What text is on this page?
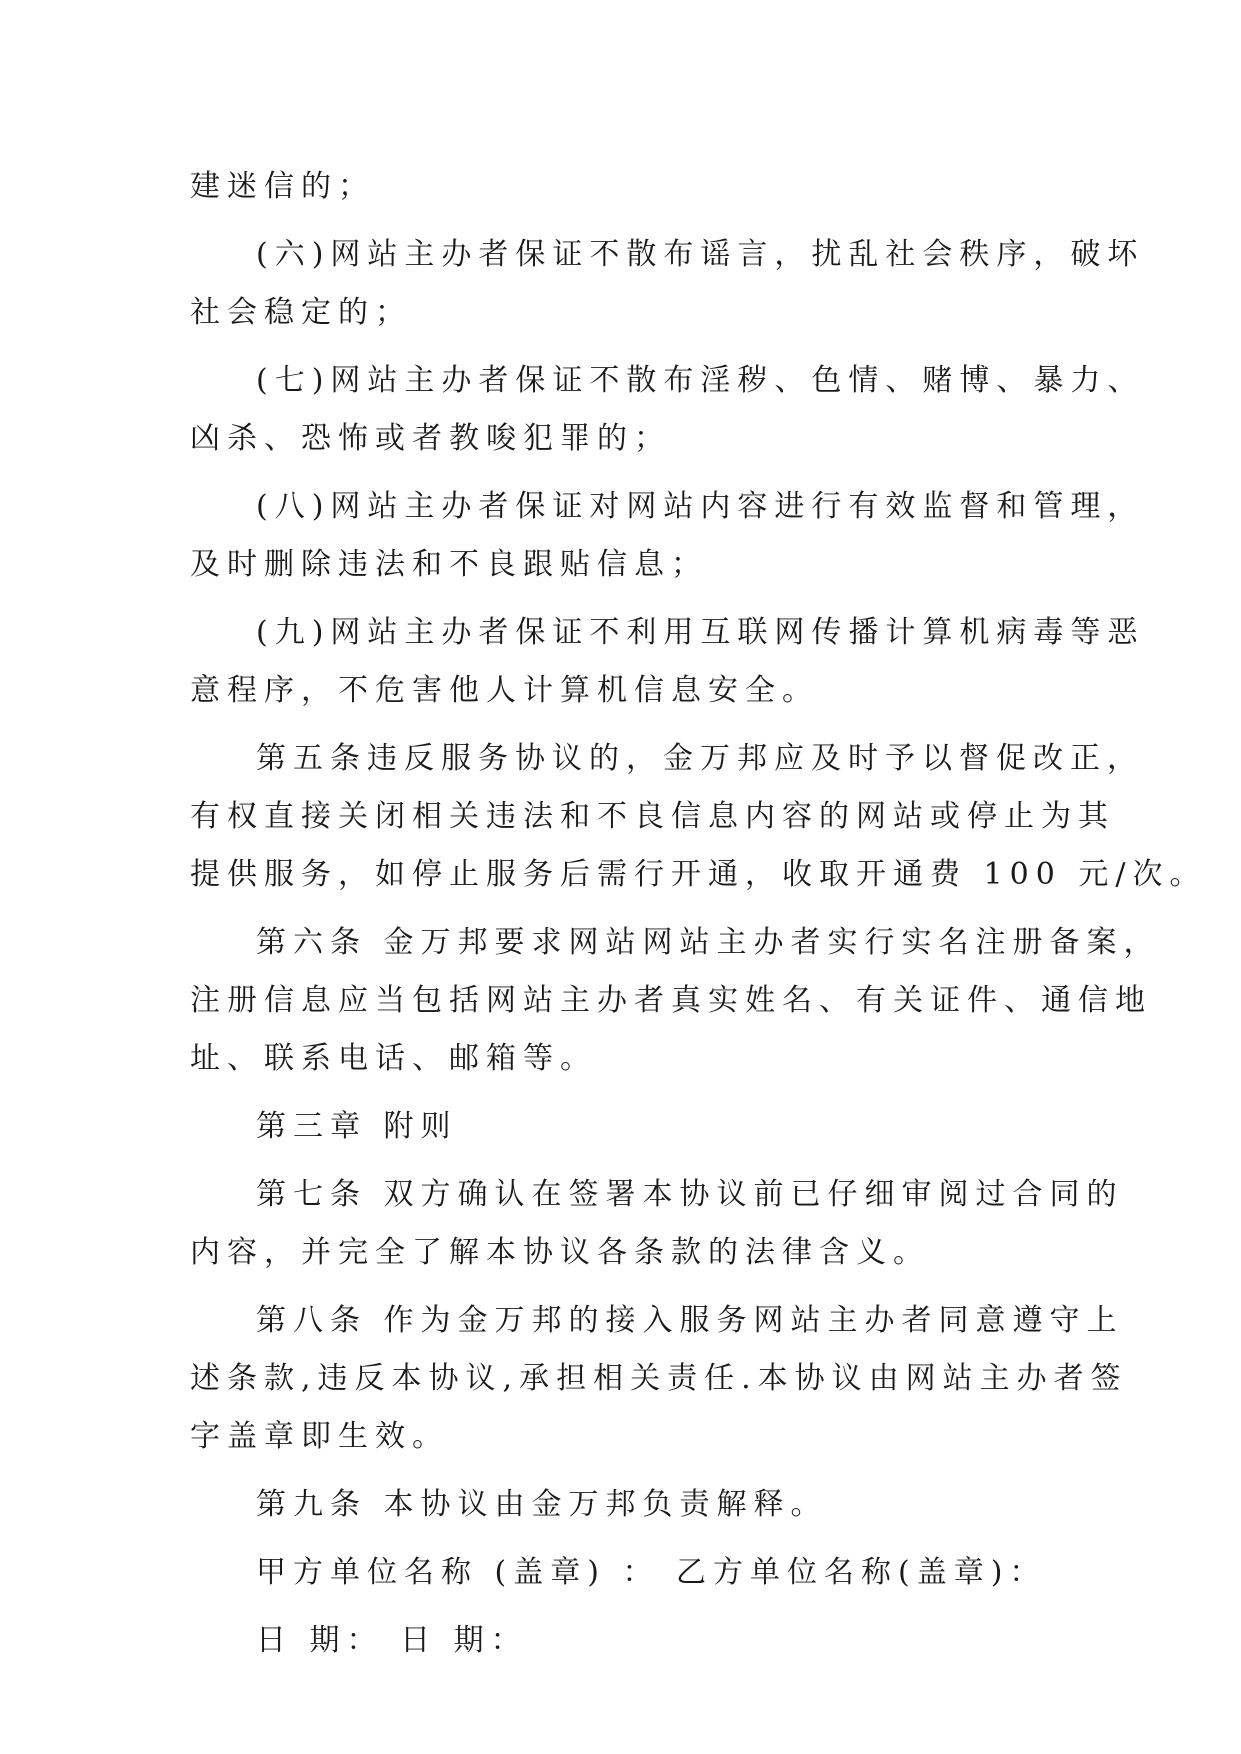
建迷信的；
(六)网站主办者保证不散布谣言，扰乱社会秩序，破坏
社会稳定的；
(七)网站主办者保证不散布淫秽、色情、赌博、暴力、
凶杀、恐怖或者教唆犯罪的；
(八)网站主办者保证对网站内容进行有效监督和管理，
及时删除违法和不良跟贴信息；
(九)网站主办者保证不利用互联网传播计算机病毒等恶
意程序，不危害他人计算机信息安全。
第五条违反服务协议的，金万邦应及时予以督促改正，
有权直接关闭相关违法和不良信息内容的网站或停止为其
提供服务，如停止服务后需行开通，收取开通费 100 元/次。
第六条 金万邦要求网站网站主办者实行实名注册备案，
注册信息应当包括网站主办者真实姓名、有关证件、通信地
址、联系电话、邮箱等。
第三章 附则
第七条 双方确认在签署本协议前已仔细审阅过合同的
内容，并完全了解本协议各条款的法律含义。
第八条 作为金万邦的接入服务网站主办者同意遵守上
述条款,违反本协议,承担相关责任.本协议由网站主办者签
字盖章即生效。
第九条 本协议由金万邦负责解释。
甲方单位名称 (盖章) ： 乙方单位名称(盖章)：
日 期： 日 期：
